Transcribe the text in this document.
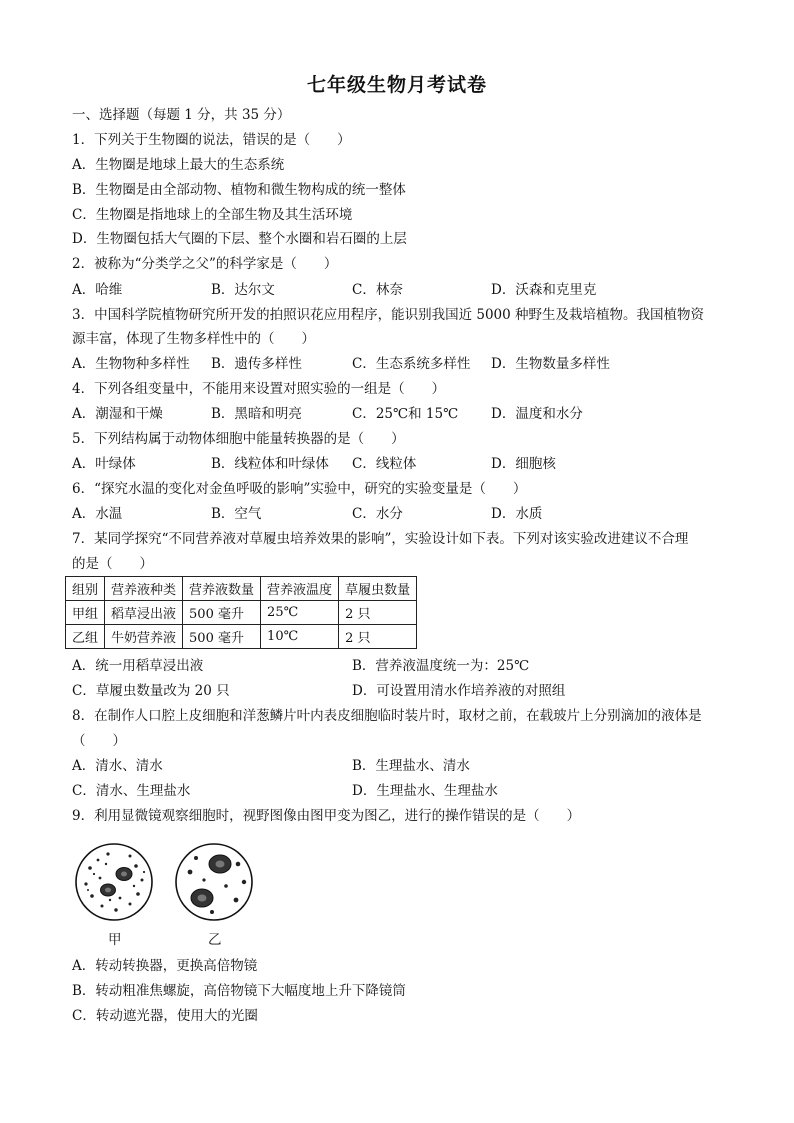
七年级生物月考试卷
一、选择题（每题 1 分，共 35 分）
1．下列关于生物圈的说法，错误的是（　　）
A．生物圈是地球上最大的生态系统
B．生物圈是由全部动物、植物和微生物构成的统一整体
C．生物圈是指地球上的全部生物及其生活环境
D．生物圈包括大气圈的下层、整个水圈和岩石圈的上层
2．被称为“分类学之父”的科学家是（　　）
A．哈维	B．达尔文	C．林奈	D．沃森和克里克
3．中国科学院植物研究所开发的拍照识花应用程序，能识别我国近 5000 种野生及栽培植物。我国植物资
源丰富，体现了生物多样性中的（　　）
A．生物物种多样性 B．遗传多样性	C．生态系统多样性 D．生物数量多样性
4．下列各组变量中，不能用来设置对照实验的一组是（　　）
A．潮湿和干燥	B．黑暗和明亮	C．25℃和 15℃ D．温度和水分
5．下列结构属于动物体细胞中能量转换器的是（　　）
A．叶绿体	B．线粒体和叶绿体 C．线粒体	D．细胞核
6．“探究水温的变化对金鱼呼吸的影响”实验中，研究的实验变量是（　　）
A．水温	B．空气	C．水分	D．水质
7．某同学探究“不同营养液对草履虫培养效果的影响”，实验设计如下表。下列对该实验改进建议不合理
的是（　　）
组别	营养液种类	营养液数量	营养液温度	草履虫数量
甲组	稻草浸出液	500 毫升	25℃	2 只
乙组	牛奶营养液	500 毫升	10℃	2 只
A．统一用稻草浸出液	B．营养液温度统一为：25℃
C．草履虫数量改为 20 只	D．可设置用清水作培养液的对照组
8．在制作人口腔上皮细胞和洋葱鳞片叶内表皮细胞临时装片时，取材之前，在载玻片上分别滴加的液体是
（　　）
A．清水、清水	B．生理盐水、清水
C．清水、生理盐水	D．生理盐水、生理盐水
9．利用显微镜观察细胞时，视野图像由图甲变为图乙，进行的操作错误的是（　　）
甲	乙
A．转动转换器，更换高倍物镜
B．转动粗准焦螺旋，高倍物镜下大幅度地上升下降镜筒
C．转动遮光器，使用大的光圈
